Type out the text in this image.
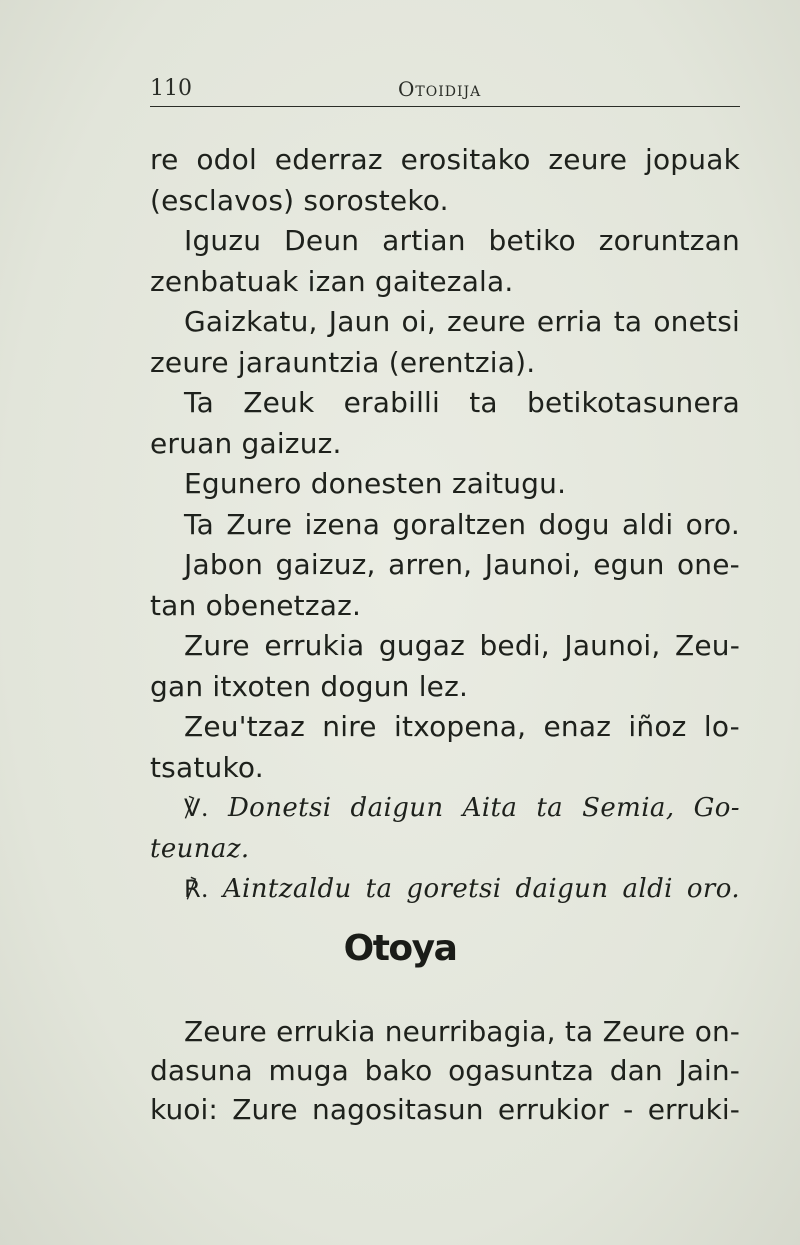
110	Otoidija
re odol ederraz erositako zeure jopuak
(esclavos) sorosteko.
Iguzu Deun artian betiko zoruntzan
zenbatuak izan gaitezala.
Gaizkatu, Jaun oi, zeure erria ta onetsi
zeure jarauntzia (erentzia).
Ta Zeuk erabilli ta betikotasunera
eruan gaizuz.
Egunero donesten zaitugu.
Ta Zure izena goraltzen dogu aldi oro.
Jabon gaizuz, arren, Jaunoi, egun one-
tan obenetzaz.
Zure errukia gugaz bedi, Jaunoi, Zeu-
gan itxoten dogun lez.
Zeu'tzaz nire itxopena, enaz iñoz lo-
tsatuko.
℣. Donetsi daigun Aita ta Semia, Go-
teunaz.
℟. Aintzaldu ta goretsi daigun aldi oro.
Otoya
Zeure errukia neurribagia, ta Zeure on-
dasuna muga bako ogasuntza dan Jain-
kuoi: Zure nagositasun errukior - erruki-
